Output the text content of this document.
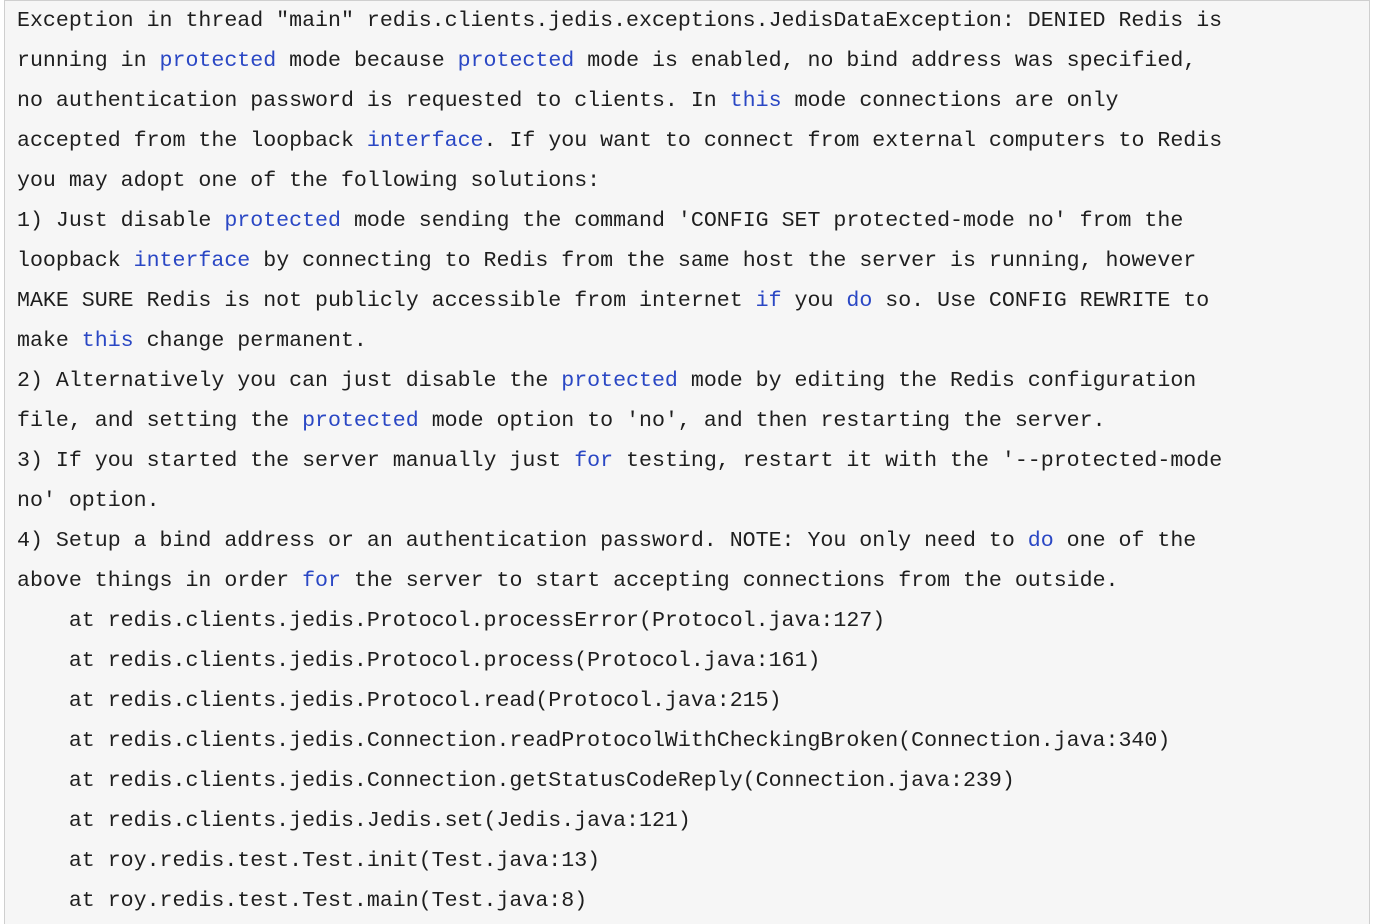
Exception in thread "main" redis.clients.jedis.exceptions.JedisDataException: DENIED Redis is
running in protected mode because protected mode is enabled, no bind address was specified,
no authentication password is requested to clients. In this mode connections are only
accepted from the loopback interface. If you want to connect from external computers to Redis
you may adopt one of the following solutions:
1) Just disable protected mode sending the command 'CONFIG SET protected-mode no' from the
loopback interface by connecting to Redis from the same host the server is running, however
MAKE SURE Redis is not publicly accessible from internet if you do so. Use CONFIG REWRITE to
make this change permanent.
2) Alternatively you can just disable the protected mode by editing the Redis configuration
file, and setting the protected mode option to 'no', and then restarting the server.
3) If you started the server manually just for testing, restart it with the '--protected-mode
no' option.
4) Setup a bind address or an authentication password. NOTE: You only need to do one of the
above things in order for the server to start accepting connections from the outside.
at redis.clients.jedis.Protocol.processError(Protocol.java:127)
at redis.clients.jedis.Protocol.process(Protocol.java:161)
at redis.clients.jedis.Protocol.read(Protocol.java:215)
at redis.clients.jedis.Connection.readProtocolWithCheckingBroken(Connection.java:340)
at redis.clients.jedis.Connection.getStatusCodeReply(Connection.java:239)
at redis.clients.jedis.Jedis.set(Jedis.java:121)
at roy.redis.test.Test.init(Test.java:13)
at roy.redis.test.Test.main(Test.java:8)
